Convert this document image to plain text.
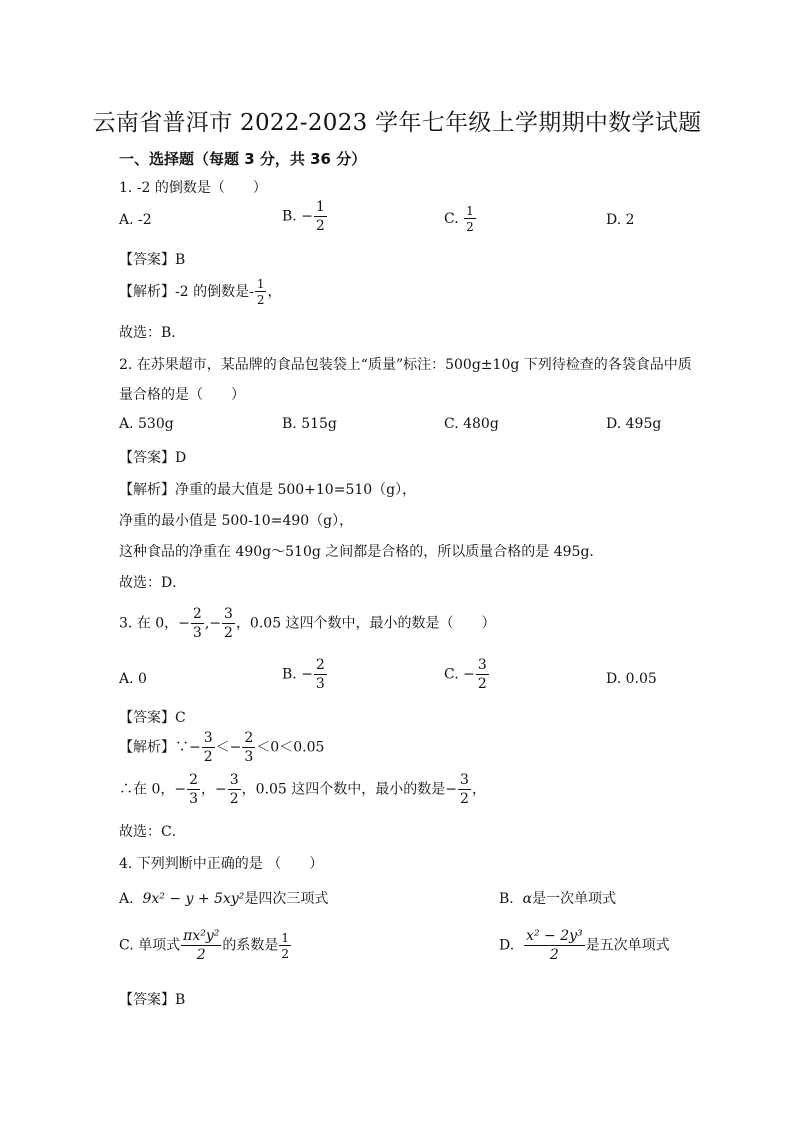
云南省普洱市 2022-2023 学年七年级上学期期中数学试题
一、选择题（每题 3 分，共 36 分）
1. -2 的倒数是（　　）
A. -2	B. − $\frac{1}{2}$	C. $\frac{1}{2}$	D. 2
【答案】B
【解析】-2 的倒数是- $\frac{1}{2}$ ，
故选：B．
2. 在苏果超市，某品牌的食品包装袋上“质量”标注：500g±10g 下列待检查的各袋食品中质
量合格的是（　　）
A. 530g	B. 515g	C. 480g	D. 495g
【答案】D
【解析】净重的最大值是 500+10=510（g），
净重的最小值是 500-10=490（g），
这种食品的净重在 490g～510g 之间都是合格的，所以质量合格的是 495g.
故选：D．
3. 在 0，− $\frac{2}{3}$ ,− $\frac{3}{2}$ ，0.05 这四个数中，最小的数是（　　）
A. 0	B. − $\frac{2}{3}$	C. − $\frac{3}{2}$	D. 0.05
【答案】C
【解析】∵− $\frac{3}{2} <- \frac{2}{3} <0<0.05$
∴在 0，− $\frac{2}{3}$ ，− $\frac{3}{2}$ ，0.05 这四个数中，最小的数是− $\frac{3}{2}$ ，
故选：C．
4. 下列判断中正确的是 （　　）
A. 9x² − y + 5xy²是四次三项式	B. α是一次单项式
C. 单项式 $\frac{\text{πx²y²}}{2}$ 的系数是 $\frac{1}{2}$	D. $\frac{\text{x² − 2y³}}{2}$ 是五次单项式
【答案】B
